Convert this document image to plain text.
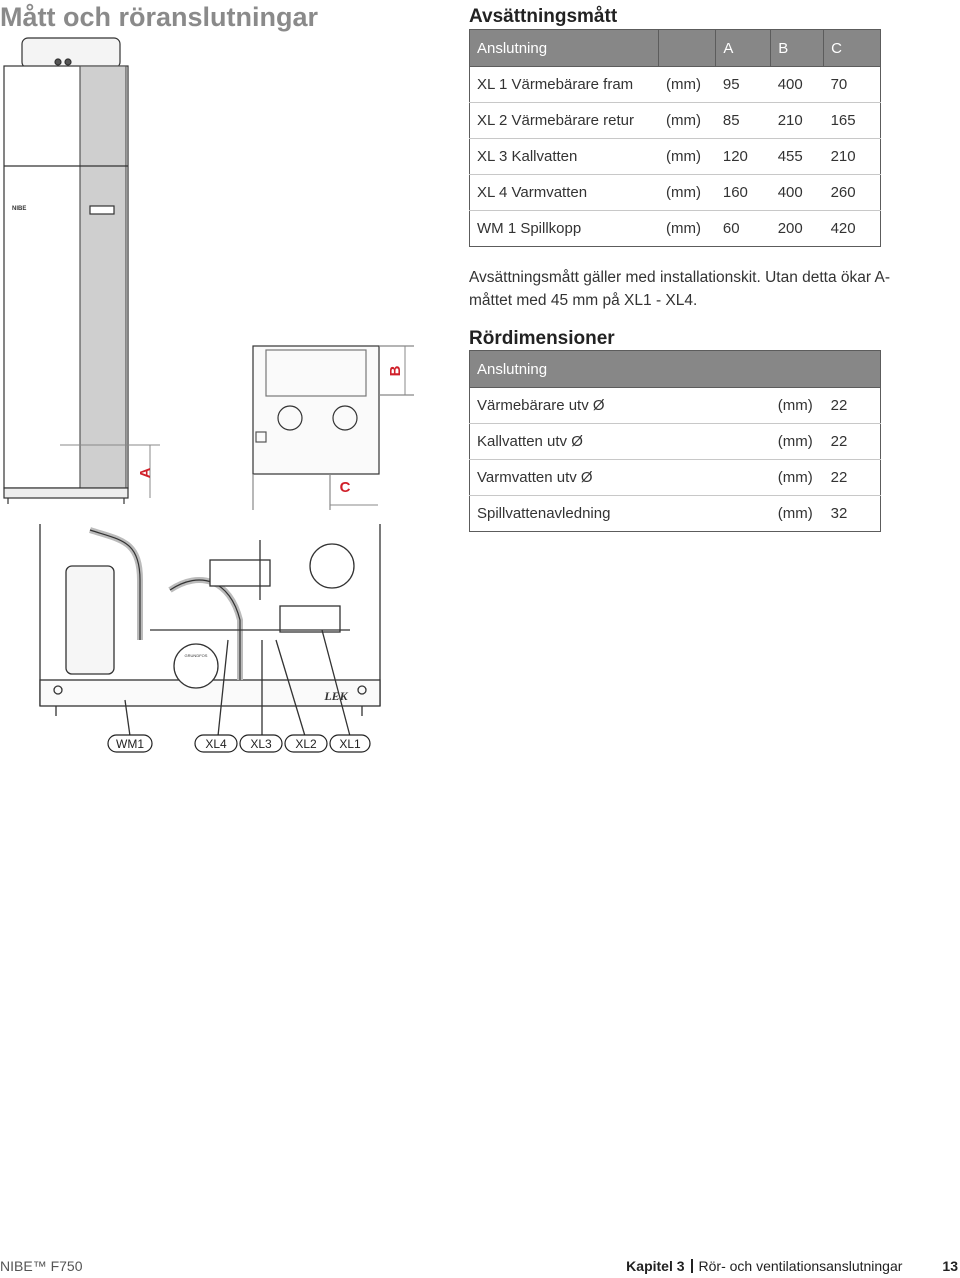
Mått och röranslutningar
NIBE
A
C
B
GRUNDFOS
LEK
WM1	XL4 XL3 XL2 XL1
Avsättningsmått
Anslutning		A	B	C
XL 1 Värmebärare fram	(mm)	95	400	70
XL 2 Värmebärare retur	(mm)	85	210	165
XL 3 Kallvatten	(mm)	120	455	210
XL 4 Varmvatten	(mm)	160	400	260
WM 1 Spillkopp	(mm)	60	200	420
Avsättningsmått gäller med installationskit. Utan detta ökar A-måttet med 45 mm på XL1 - XL4.
Rördimensioner
Anslutning		
Värmebärare utv Ø	(mm)	22
Kallvatten utv Ø	(mm)	22
Varmvatten utv Ø	(mm)	22
Spillvattenavledning	(mm)	32
NIBE™ F750	Kapitel 3 Rör- och ventilationsanslutningar	13
